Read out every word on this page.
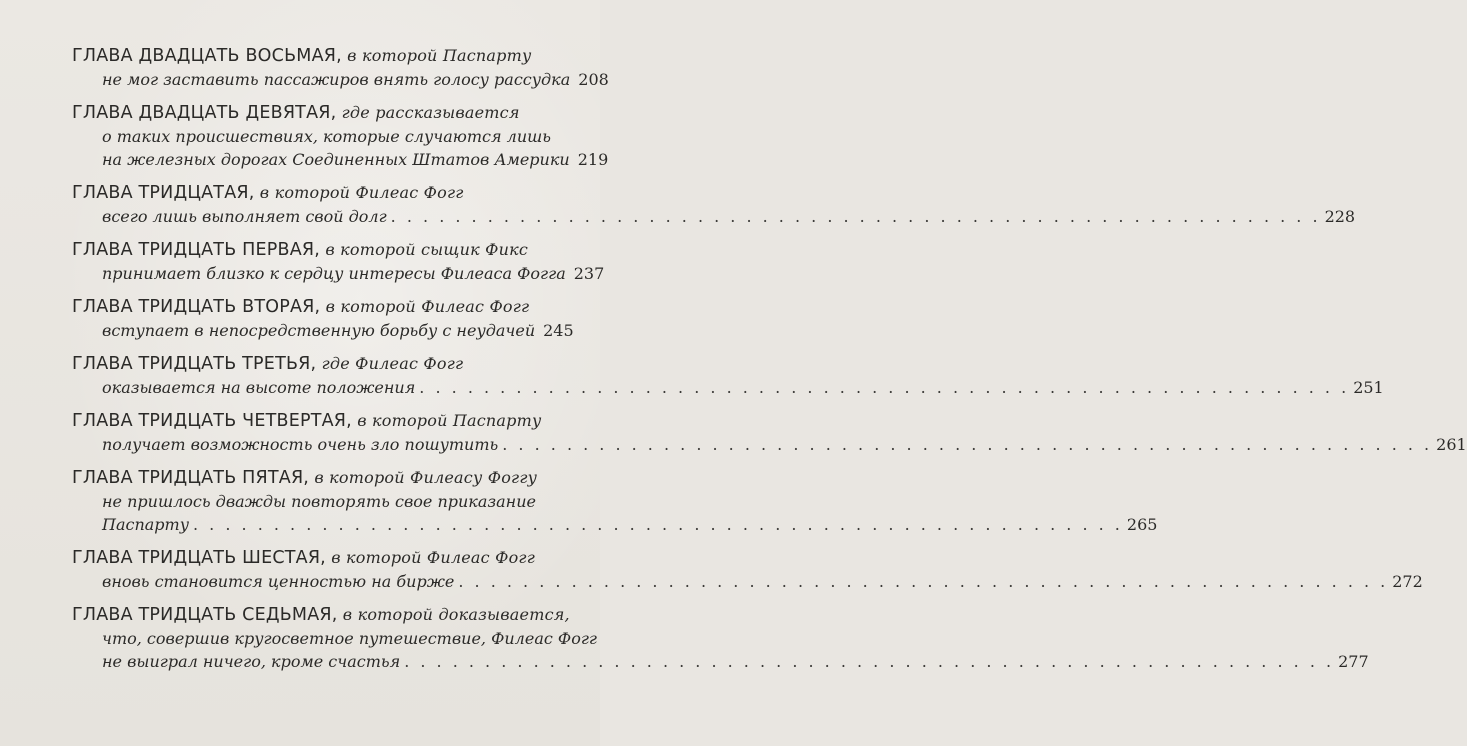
ГЛАВА ДВАДЦАТЬ ВОСЬМАЯ, в которой Паспарту
не мог заставить пассажиров внять голосу рассудка 208
ГЛАВА ДВАДЦАТЬ ДЕВЯТАЯ, где рассказывается
о таких происшествиях, которые случаются лишь
на железных дорогах Соединенных Штатов Америки 219
ГЛАВА ТРИДЦАТАЯ, в которой Филеас Фогг
всего лишь выполняет свой долг . . .	228
ГЛАВА ТРИДЦАТЬ ПЕРВАЯ, в которой сыщик Фикс
принимает близко к сердцу интересы Филеаса Фогга 237
ГЛАВА ТРИДЦАТЬ ВТОРАЯ, в которой Филеас Фогг
вступает в непосредственную борьбу с неудачей 245
ГЛАВА ТРИДЦАТЬ ТРЕТЬЯ, где Филеас Фогг
оказывается на высоте положения . . .	251
ГЛАВА ТРИДЦАТЬ ЧЕТВЕРТАЯ, в которой Паспарту
получает возможность очень зло пошутить . . .	261
ГЛАВА ТРИДЦАТЬ ПЯТАЯ, в которой Филеасу Фоггу
не пришлось дважды повторять свое приказание
Паспарту . . .	265
ГЛАВА ТРИДЦАТЬ ШЕСТАЯ, в которой Филеас Фогг
вновь становится ценностью на бирже . . .	272
ГЛАВА ТРИДЦАТЬ СЕДЬМАЯ, в которой доказывается,
что, совершив кругосветное путешествие, Филеас Фогг
не выиграл ничего, кроме счастья . . .	277
